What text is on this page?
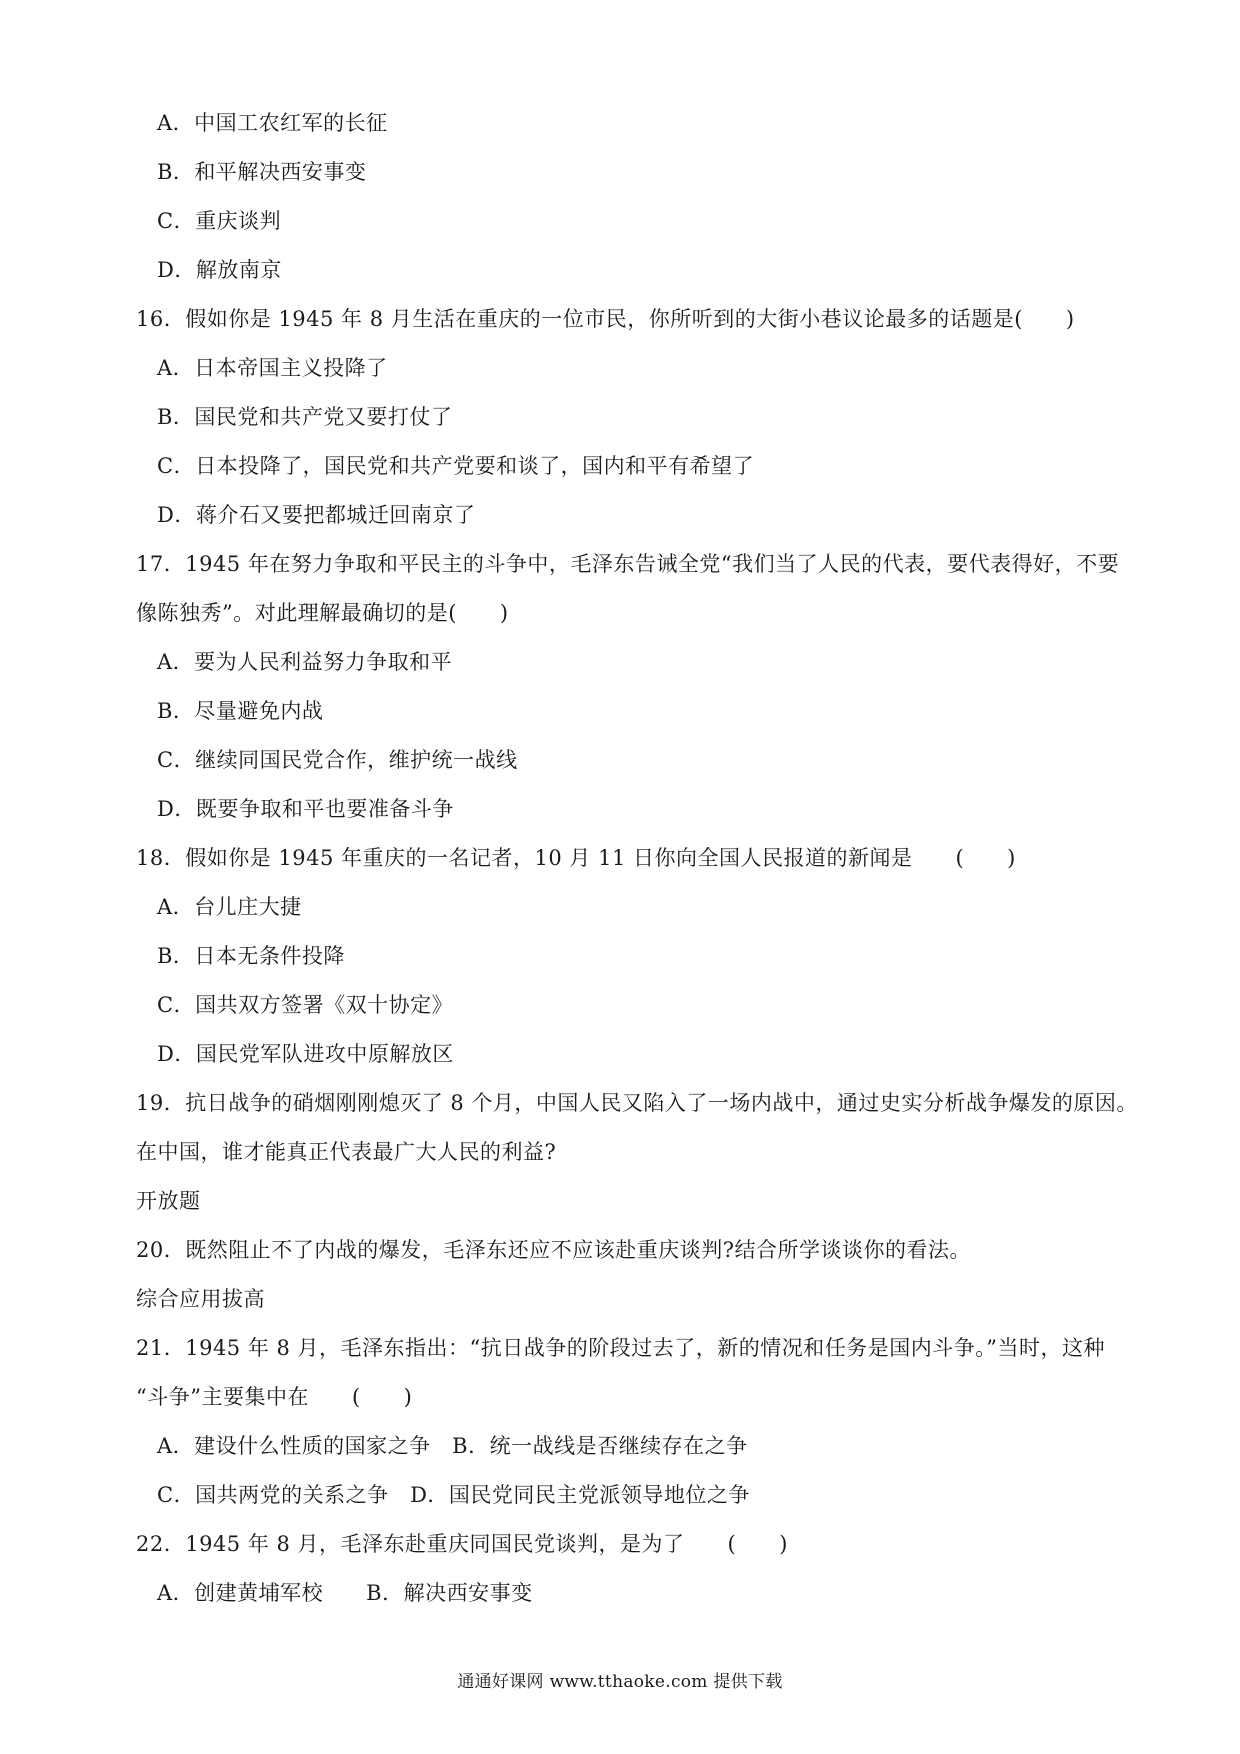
A．中国工农红军的长征
B．和平解决西安事变
C．重庆谈判
D．解放南京
16．假如你是 1945 年 8 月生活在重庆的一位市民，你所听到的大街小巷议论最多的话题是(　　)
A．日本帝国主义投降了
B．国民党和共产党又要打仗了
C．日本投降了，国民党和共产党要和谈了，国内和平有希望了
D．蒋介石又要把都城迁回南京了
17．1945 年在努力争取和平民主的斗争中，毛泽东告诫全党“我们当了人民的代表，要代表得好，不要
像陈独秀”。对此理解最确切的是(　　)
A．要为人民利益努力争取和平
B．尽量避免内战
C．继续同国民党合作，维护统一战线
D．既要争取和平也要准备斗争
18．假如你是 1945 年重庆的一名记者，10 月 11 日你向全国人民报道的新闻是　　(　　)
A．台儿庄大捷
B．日本无条件投降
C．国共双方签署《双十协定》
D．国民党军队进攻中原解放区
19．抗日战争的硝烟刚刚熄灭了 8 个月，中国人民又陷入了一场内战中，通过史实分析战争爆发的原因。
在中国，谁才能真正代表最广大人民的利益?
开放题
20．既然阻止不了内战的爆发，毛泽东还应不应该赴重庆谈判?结合所学谈谈你的看法。
综合应用拔高
21．1945 年 8 月，毛泽东指出：“抗日战争的阶段过去了，新的情况和任务是国内斗争。”当时，这种
“斗争”主要集中在　　(　　)
A．建设什么性质的国家之争　B．统一战线是否继续存在之争
C．国共两党的关系之争　D．国民党同民主党派领导地位之争
22．1945 年 8 月，毛泽东赴重庆同国民党谈判，是为了　　(　　)
A．创建黄埔军校　　B．解决西安事变
通通好课网 www.tthaoke.com 提供下载
